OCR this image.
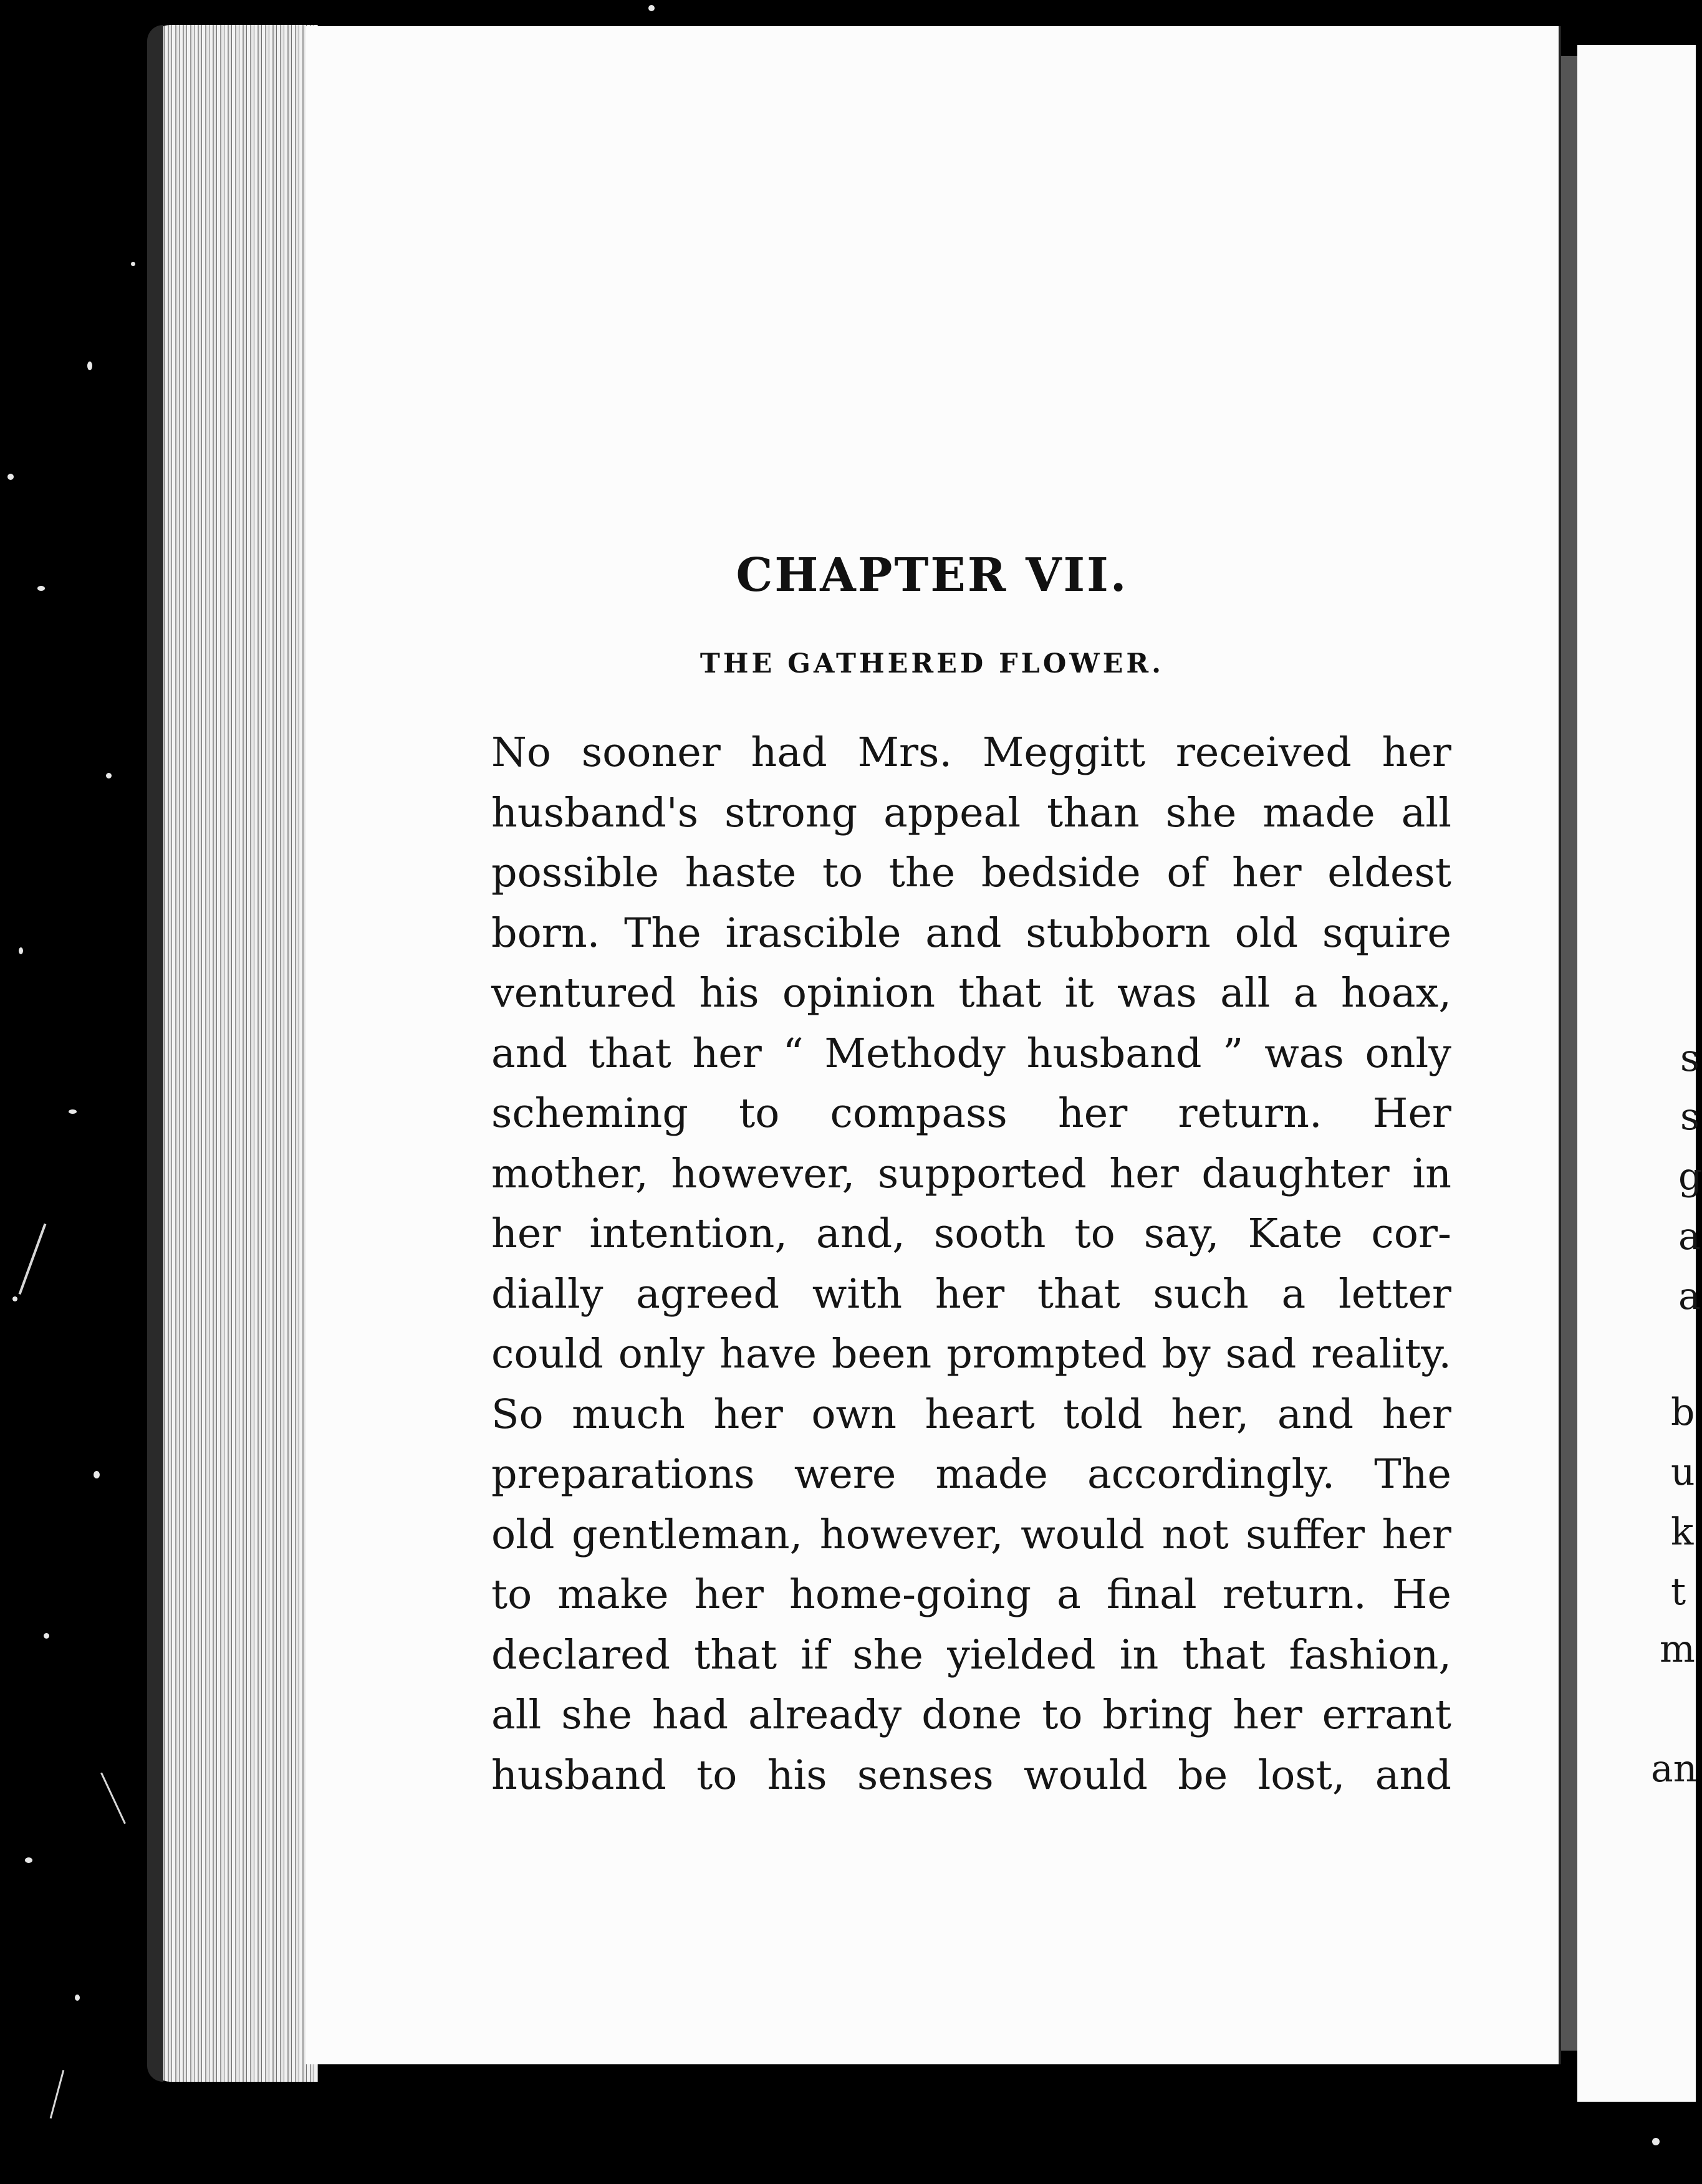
CHAPTER VII.
THE GATHERED FLOWER.
No sooner had Mrs. Meggitt received her
husband's strong appeal than she made all
possible haste to the bedside of her eldest
born. The irascible and stubborn old squire
ventured his opinion that it was all a hoax,
and that her “ Methody husband ” was only
scheming to compass her return. Her
mother, however, supported her daughter in
her intention, and, sooth to say, Kate cor-
dially agreed with her that such a letter
could only have been prompted by sad reality.
So much her own heart told her, and her
preparations were made accordingly. The
old gentleman, however, would not suffer her
to make her home-going a final return. He
declared that if she yielded in that fashion,
all she had already done to bring her errant
husband to his senses would be lost, and
s
s
g
a
a
b
u
k
t
m
an
